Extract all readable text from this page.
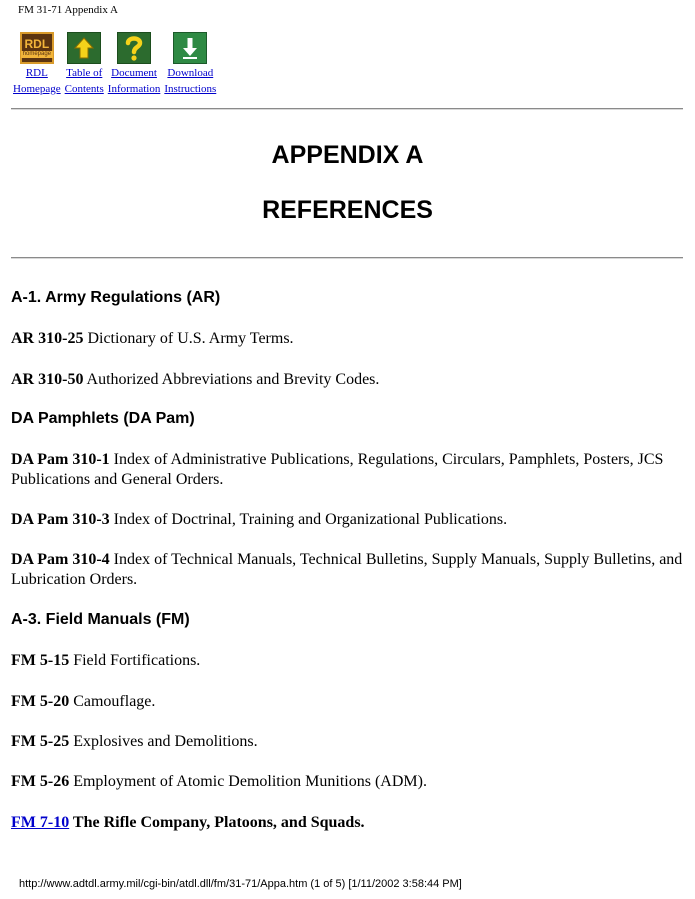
FM 31-71 Appendix A
RDL
homepage
RDL
Homepage
Table of
Contents
Document
Information
Download
Instructions
APPENDIX A
REFERENCES
A-1. Army Regulations (AR)

AR 310-25 Dictionary of U.S. Army Terms.

AR 310-50 Authorized Abbreviations and Brevity Codes.

DA Pamphlets (DA Pam)

DA Pam 310-1 Index of Administrative Publications, Regulations, Circulars, Pamphlets, Posters, JCS Publications and General Orders.

DA Pam 310-3 Index of Doctrinal, Training and Organizational Publications.

DA Pam 310-4 Index of Technical Manuals, Technical Bulletins, Supply Manuals, Supply Bulletins, and Lubrication Orders.

A-3. Field Manuals (FM)

FM 5-15 Field Fortifications.

FM 5-20 Camouflage.

FM 5-25 Explosives and Demolitions.

FM 5-26 Employment of Atomic Demolition Munitions (ADM).

FM 7-10 The Rifle Company, Platoons, and Squads.

http://www.adtdl.army.mil/cgi-bin/atdl.dll/fm/31-71/Appa.htm (1 of 5) [1/11/2002 3:58:44 PM]
